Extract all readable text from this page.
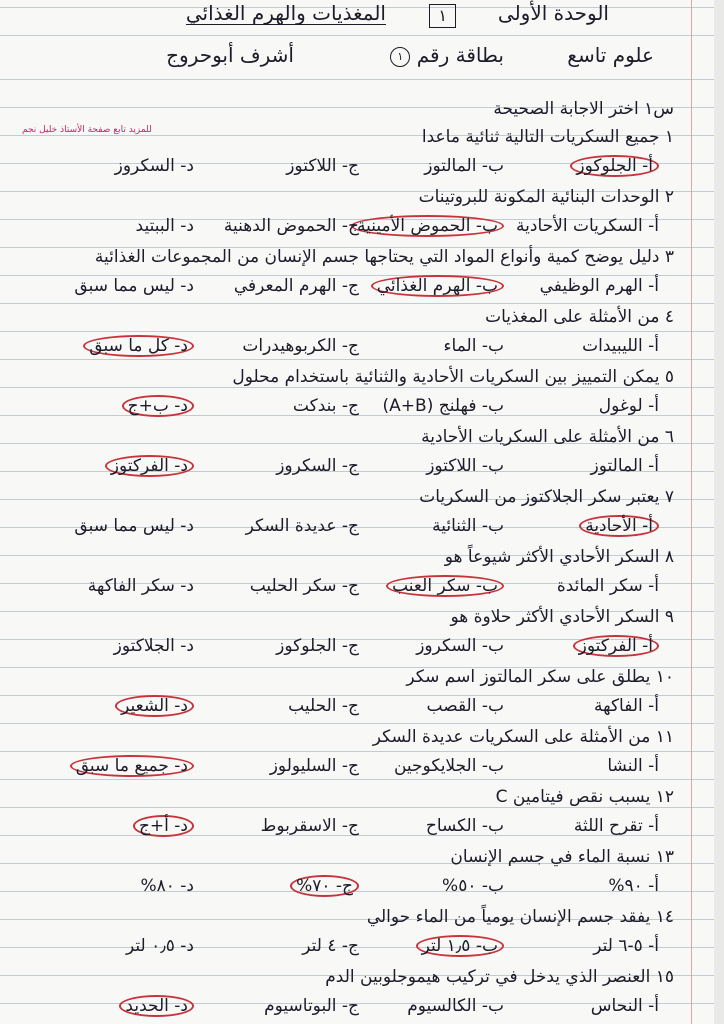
الوحدة الأولى
١
المغذيات والهرم الغذائي
علوم تاسع
بطاقة رقم ١
أشرف أبوحروج
للمزيد تابع صفحة الأستاذ خليل نجم
س١ اختر الاجابة الصحيحة
١ جميع السكريات التالية ثنائية ماعدا
أ- الجلوكوز
ب- المالتوز
ج- اللاكتوز
د- السكروز
٢ الوحدات البنائية المكونة للبروتينات
أ- السكريات الأحادية
ب- الحموض الأمينية
ج- الحموض الدهنية
د- الببتيد
٣ دليل يوضح كمية وأنواع المواد التي يحتاجها جسم الإنسان من المجموعات الغذائية
أ- الهرم الوظيفي
ب- الهرم الغذائي
ج- الهرم المعرفي
د- ليس مما سبق
٤ من الأمثلة على المغذيات
أ- الليبيدات
ب- الماء
ج- الكربوهيدرات
د- كل ما سبق
٥ يمكن التمييز بين السكريات الأحادية والثنائية باستخدام محلول
أ- لوغول
ب- فهلنج (A+B)
ج- بندكت
د- ب+ج
٦ من الأمثلة على السكريات الأحادية
أ- المالتوز
ب- اللاكتوز
ج- السكروز
د- الفركتوز
٧ يعتبر سكر الجلاكتوز من السكريات
أ- الأحادية
ب- الثنائية
ج- عديدة السكر
د- ليس مما سبق
٨ السكر الأحادي الأكثر شيوعاً هو
أ- سكر المائدة
ب- سكر العنب
ج- سكر الحليب
د- سكر الفاكهة
٩ السكر الأحادي الأكثر حلاوة هو
أ- الفركتوز
ب- السكروز
ج- الجلوكوز
د- الجلاكتوز
١٠ يطلق على سكر المالتوز اسم سكر
أ- الفاكهة
ب- القصب
ج- الحليب
د- الشعير
١١ من الأمثلة على السكريات عديدة السكر
أ- النشا
ب- الجلايكوجين
ج- السليولوز
د- جميع ما سبق
١٢ يسبب نقص فيتامين C
أ- تقرح اللثة
ب- الكساح
ج- الاسقربوط
د- أ+ج
١٣ نسبة الماء في جسم الإنسان
أ- ٩٠%
ب- ٥٠%
ج- ٧٠%
د- ٨٠%
١٤ يفقد جسم الإنسان يومياً من الماء حوالي
أ- ٥-٦ لتر
ب- ١٫٥ لتر
ج- ٤ لتر
د- ٠٫٥ لتر
١٥ العنصر الذي يدخل في تركيب هيموجلوبين الدم
أ- النحاس
ب- الكالسيوم
ج- البوتاسيوم
د- الحديد
